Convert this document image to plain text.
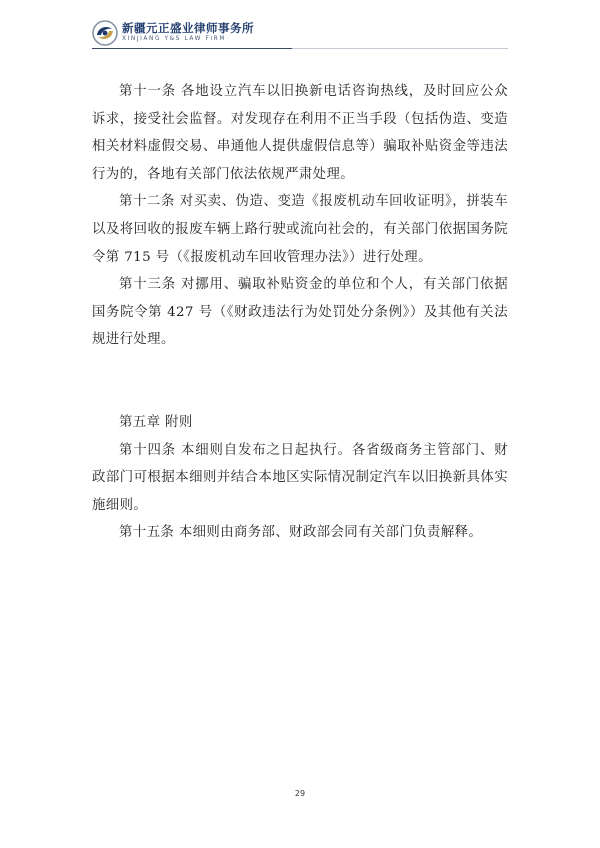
新疆元正盛业律师事务所
XINJIANG Y&S LAW FIRM

第十一条 各地设立汽车以旧换新电话咨询热线，及时回应公众诉求，接受社会监督。对发现存在利用不正当手段（包括伪造、变造相关材料虚假交易、串通他人提供虚假信息等）骗取补贴资金等违法行为的，各地有关部门依法依规严肃处理。

第十二条 对买卖、伪造、变造《报废机动车回收证明》，拼装车以及将回收的报废车辆上路行驶或流向社会的，有关部门依据国务院令第 715 号（《报废机动车回收管理办法》）进行处理。

第十三条 对挪用、骗取补贴资金的单位和个人，有关部门依据国务院令第 427 号（《财政违法行为处罚处分条例》）及其他有关法规进行处理。

第五章 附则

第十四条 本细则自发布之日起执行。各省级商务主管部门、财政部门可根据本细则并结合本地区实际情况制定汽车以旧换新具体实施细则。

第十五条 本细则由商务部、财政部会同有关部门负责解释。

29
